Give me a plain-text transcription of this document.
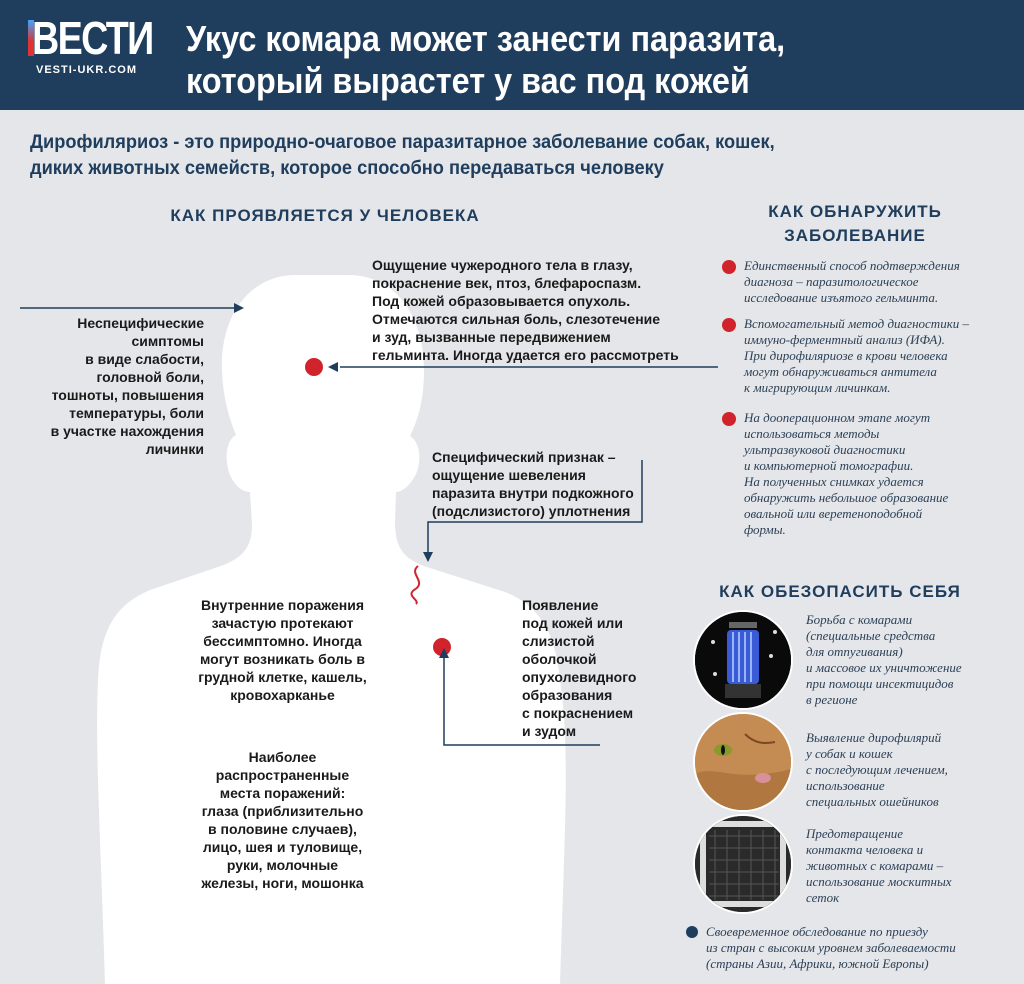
ВЕСТИ
VESTI-UKR.COM
Укус комара может занести паразита,
который вырастет у вас под кожей
Дирофиляриоз - это природно-очаговое паразитарное заболевание собак, кошек,
диких животных семейств, которое способно передаваться человеку
КАК ПРОЯВЛЯЕТСЯ У ЧЕЛОВЕКА
Ощущение чужеродного тела в глазу,
покраснение век, птоз, блефароспазм.
Под кожей образовывается опухоль.
Отмечаются сильная боль, слезотечение
и зуд, вызванные передвижением
гельминта. Иногда удается его рассмотреть
Неспецифические
симптомы
в виде слабости,
головной боли,
тошноты, повышения
температуры, боли
в участке нахождения
личинки	Специфический признак –
ощущение шевеления
паразита внутри подкожного
(подслизистого) уплотнения
Внутренние поражения
зачастую протекают
бессимптомно. Иногда
могут возникать боль в
грудной клетке, кашель,
кровохарканье
Наиболее
распространенные
места поражений:
глаза (приблизительно
в половине случаев),
лицо, шея и туловище,
руки, молочные
железы, ноги, мошонка
Появление
под кожей или
слизистой
оболочкой
опухолевидного
образования
с покраснением
и зудом
КАК ОБНАРУЖИТЬ
ЗАБОЛЕВАНИЕ
Единственный способ подтверждения
диагноза – паразитологическое
исследование изъятого гельминта.
Вспомогательный метод диагностики –
иммуно-ферментный анализ (ИФА).
При дирофиляриозе в крови человека
могут обнаруживаться антитела
к мигрирующим личинкам.
На дооперационном этапе могут
использоваться методы
ультразвуковой диагностики
и компьютерной томографии.
На полученных снимках удается
обнаружить небольшое образование
овальной или веретеноподобной
формы.
КАК ОБЕЗОПАСИТЬ СЕБЯ
Борьба с комарами
(специальные средства
для отпугивания)
и массовое их уничтожение
при помощи инсектицидов
в регионе
Выявление дирофилярий
у собак и кошек
с последующим лечением,
использование
специальных ошейников
Предотвращение
контакта человека и
животных с комарами –
использование москитных
сеток
Своевременное обследование по приезду
из стран с высоким уровнем заболеваемости
(страны Азии, Африки, южной Европы)
